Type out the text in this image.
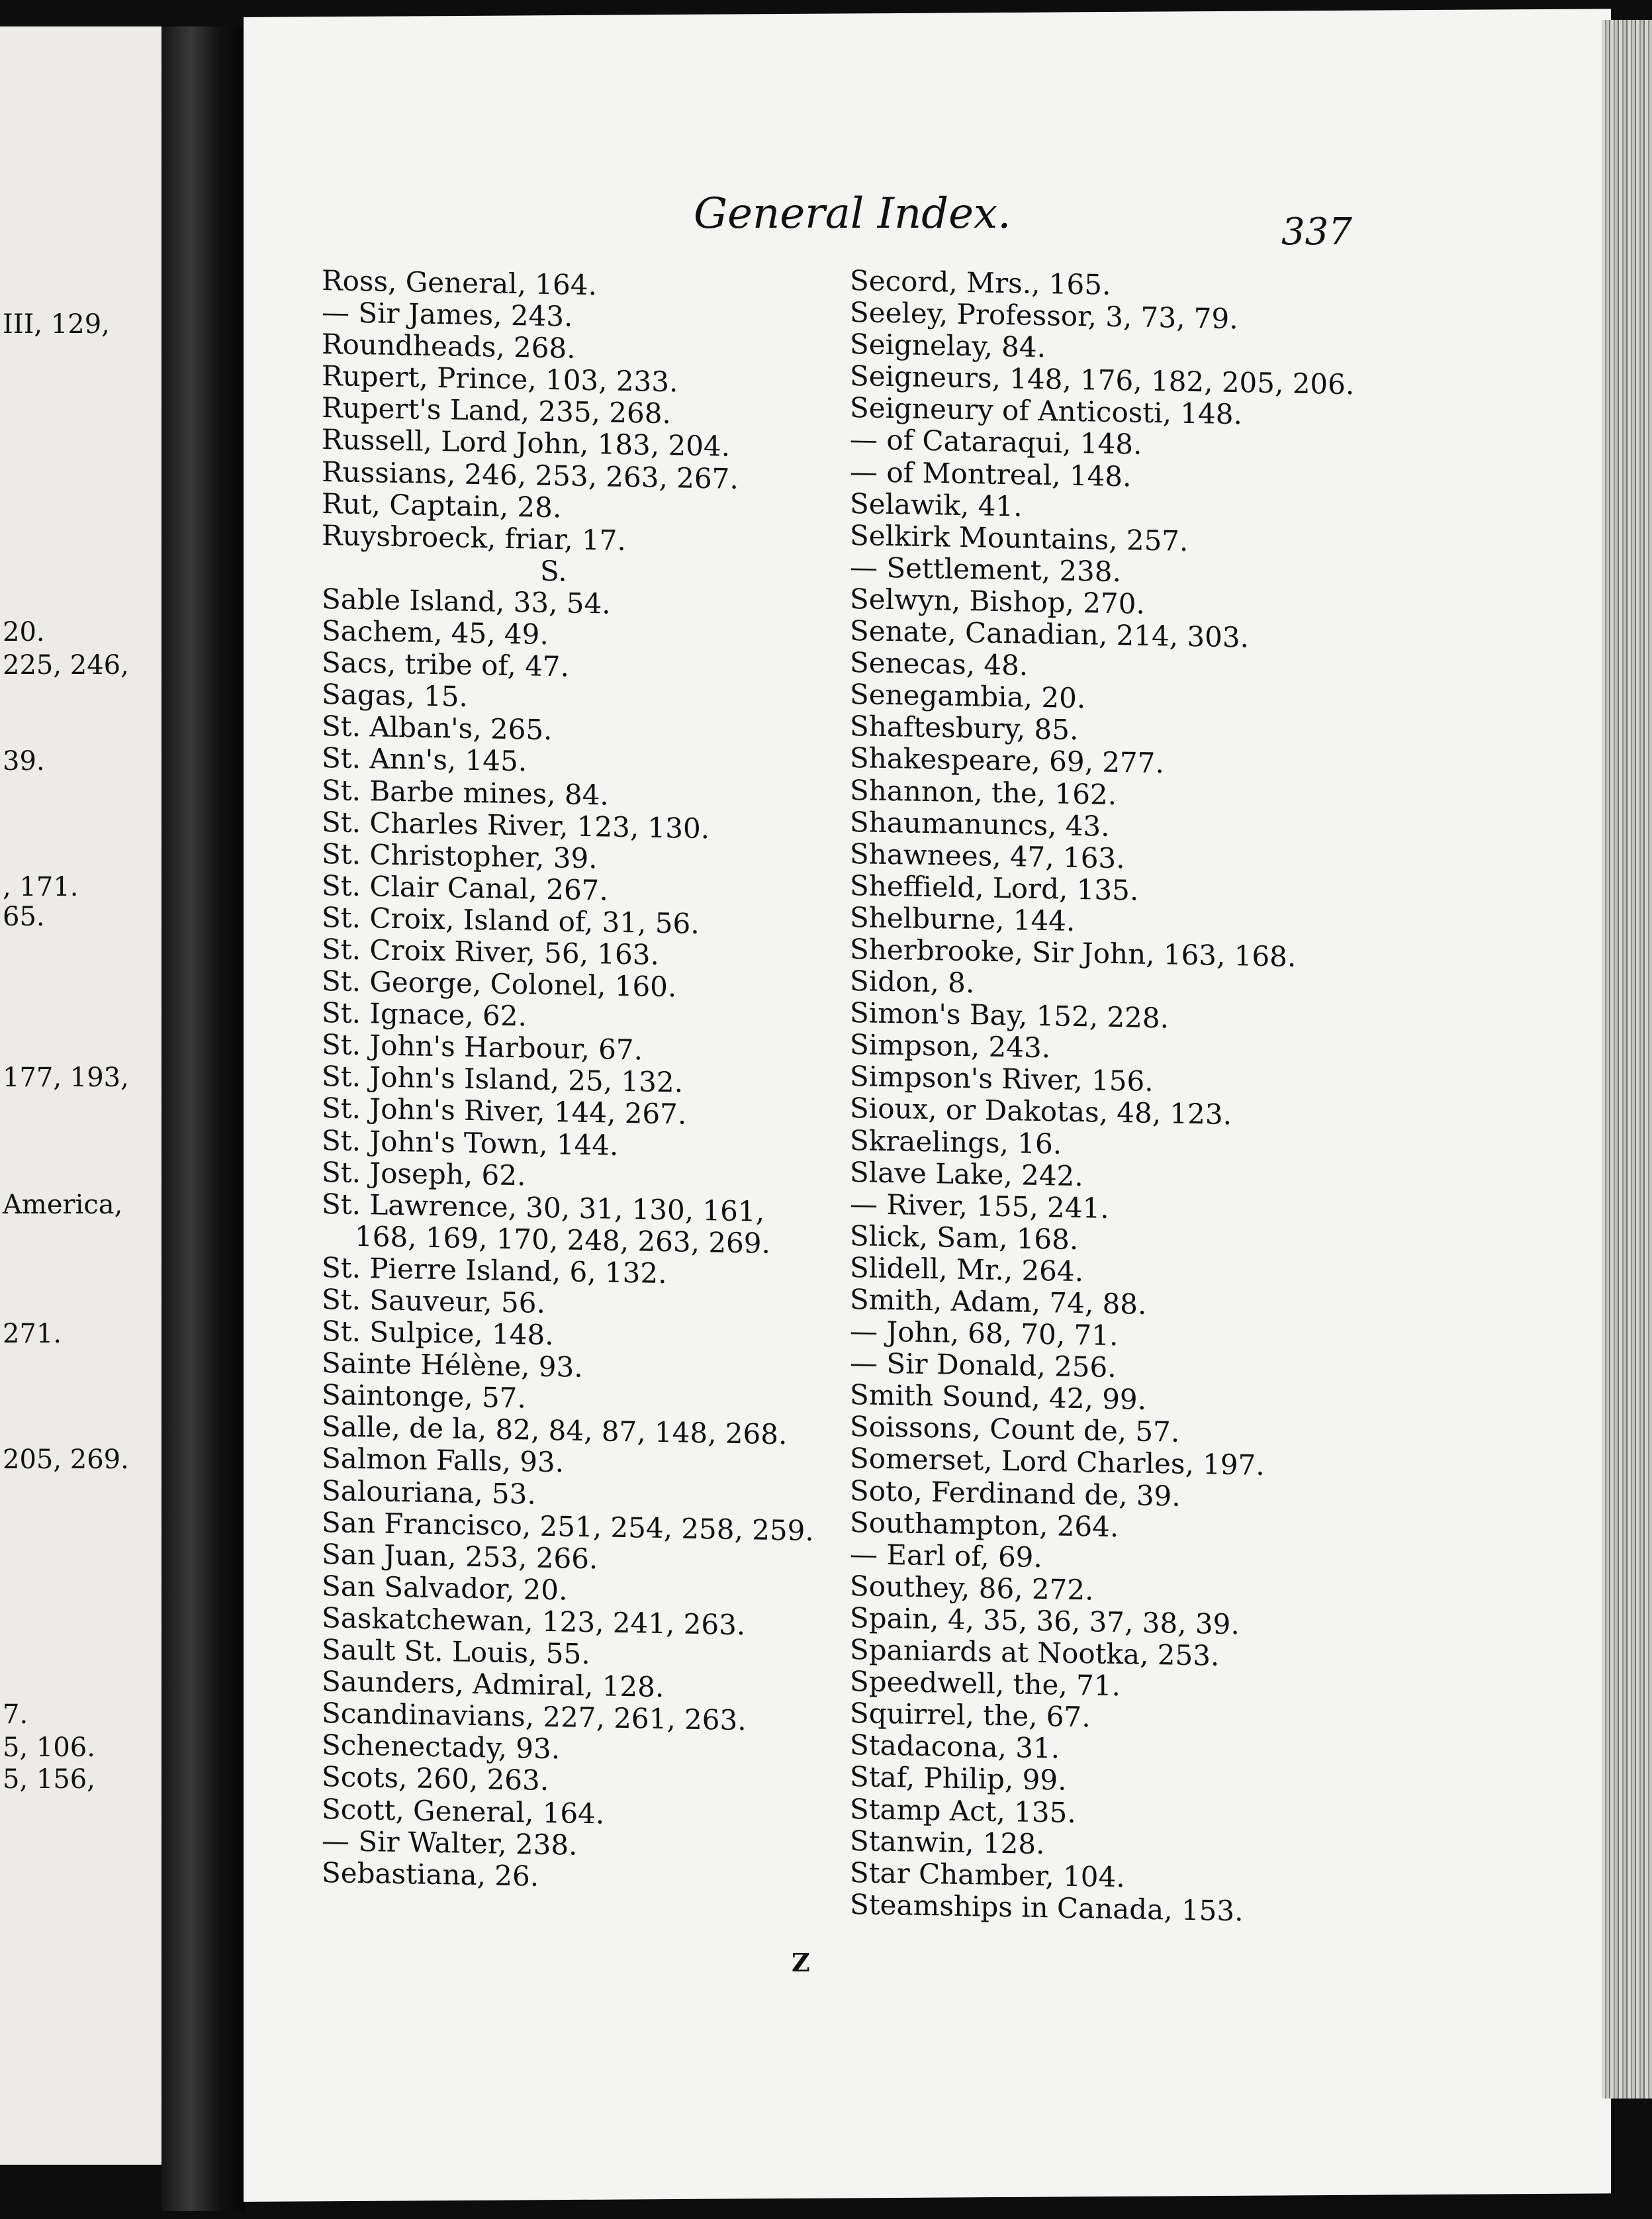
III, 129,
20.
225, 246,
39.
, 171.
65.
177, 193,
America,
271.
205, 269.
7.
5, 106.
5, 156,
General Index.	337
Ross, General, 164.
— Sir James, 243.
Roundheads, 268.
Rupert, Prince, 103, 233.
Rupert's Land, 235, 268.
Russell, Lord John, 183, 204.
Russians, 246, 253, 263, 267.
Rut, Captain, 28.
Ruysbroeck, friar, 17.
S.
Sable Island, 33, 54.
Sachem, 45, 49.
Sacs, tribe of, 47.
Sagas, 15.
St. Alban's, 265.
St. Ann's, 145.
St. Barbe mines, 84.
St. Charles River, 123, 130.
St. Christopher, 39.
St. Clair Canal, 267.
St. Croix, Island of, 31, 56.
St. Croix River, 56, 163.
St. George, Colonel, 160.
St. Ignace, 62.
St. John's Harbour, 67.
St. John's Island, 25, 132.
St. John's River, 144, 267.
St. John's Town, 144.
St. Joseph, 62.
St. Lawrence, 30, 31, 130, 161,
168, 169, 170, 248, 263, 269.
St. Pierre Island, 6, 132.
St. Sauveur, 56.
St. Sulpice, 148.
Sainte Hélène, 93.
Saintonge, 57.
Salle, de la, 82, 84, 87, 148, 268.
Salmon Falls, 93.
Salouriana, 53.
San Francisco, 251, 254, 258, 259.
San Juan, 253, 266.
San Salvador, 20.
Saskatchewan, 123, 241, 263.
Sault St. Louis, 55.
Saunders, Admiral, 128.
Scandinavians, 227, 261, 263.
Schenectady, 93.
Scots, 260, 263.
Scott, General, 164.
— Sir Walter, 238.
Sebastiana, 26.
Secord, Mrs., 165.
Seeley, Professor, 3, 73, 79.
Seignelay, 84.
Seigneurs, 148, 176, 182, 205, 206.
Seigneury of Anticosti, 148.
— of Cataraqui, 148.
— of Montreal, 148.
Selawik, 41.
Selkirk Mountains, 257.
— Settlement, 238.
Selwyn, Bishop, 270.
Senate, Canadian, 214, 303.
Senecas, 48.
Senegambia, 20.
Shaftesbury, 85.
Shakespeare, 69, 277.
Shannon, the, 162.
Shaumanuncs, 43.
Shawnees, 47, 163.
Sheffield, Lord, 135.
Shelburne, 144.
Sherbrooke, Sir John, 163, 168.
Sidon, 8.
Simon's Bay, 152, 228.
Simpson, 243.
Simpson's River, 156.
Sioux, or Dakotas, 48, 123.
Skraelings, 16.
Slave Lake, 242.
— River, 155, 241.
Slick, Sam, 168.
Slidell, Mr., 264.
Smith, Adam, 74, 88.
— John, 68, 70, 71.
— Sir Donald, 256.
Smith Sound, 42, 99.
Soissons, Count de, 57.
Somerset, Lord Charles, 197.
Soto, Ferdinand de, 39.
Southampton, 264.
— Earl of, 69.
Southey, 86, 272.
Spain, 4, 35, 36, 37, 38, 39.
Spaniards at Nootka, 253.
Speedwell, the, 71.
Squirrel, the, 67.
Stadacona, 31.
Staf, Philip, 99.
Stamp Act, 135.
Stanwin, 128.
Star Chamber, 104.
Steamships in Canada, 153.
Z
